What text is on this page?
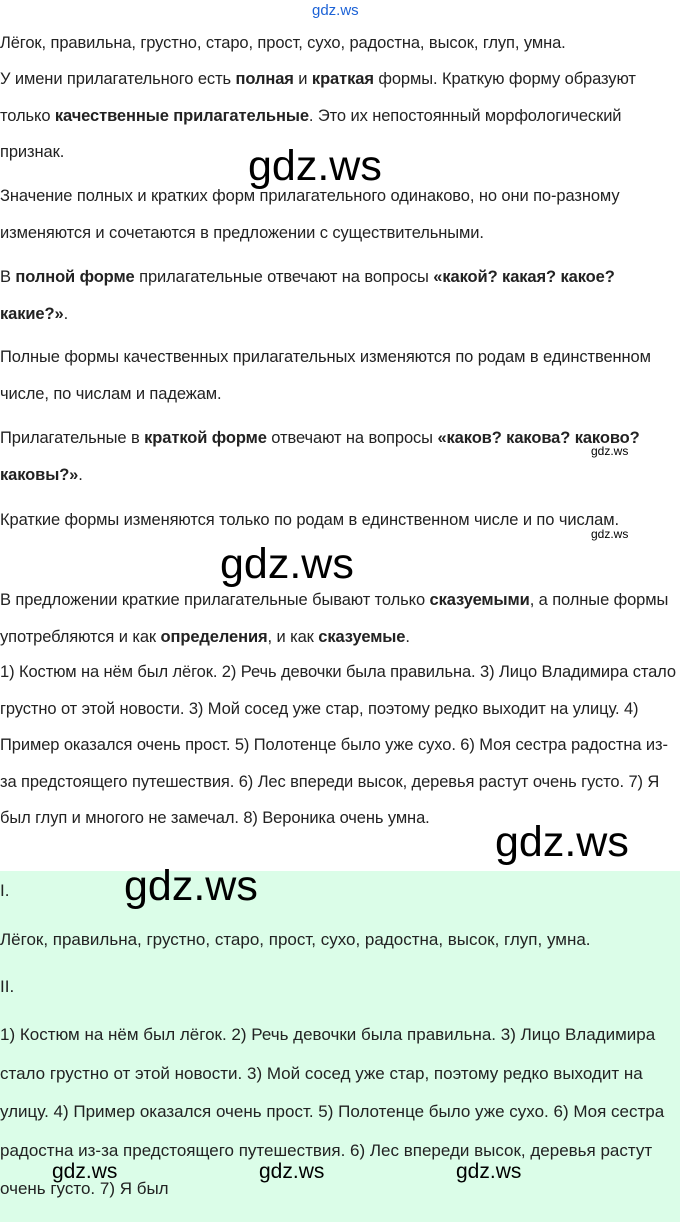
gdz.ws

Лёгок, правильна, грустно, старо, прост, сухо, радостна, высок, глуп, умна.

У имени прилагательного есть полная и краткая формы. Краткую форму образуют только качественные прилагательные. Это их непостоянный морфологический признак.

Значение полных и кратких форм прилагательного одинаково, но они по-разному изменяются и сочетаются в предложении с существительными.

В полной форме прилагательные отвечают на вопросы «какой? какая? какое? какие?».

Полные формы качественных прилагательных изменяются по родам в единственном числе, по числам и падежам.

Прилагательные в краткой форме отвечают на вопросы «каков? какова? каково? каковы?».

Краткие формы изменяются только по родам в единственном числе и по числам.

В предложении краткие прилагательные бывают только сказуемыми, а полные формы употребляются и как определения, и как сказуемые.

1) Костюм на нём был лёгок. 2) Речь девочки была правильна. 3) Лицо Владимира стало грустно от этой новости. 3) Мой сосед уже стар, поэтому редко выходит на улицу. 4) Пример оказался очень прост. 5) Полотенце было уже сухо. 6) Моя сестра радостна из-за предстоящего путешествия. 6) Лес впереди высок, деревья растут очень густо. 7) Я был глуп и многого не замечал. 8) Вероника очень умна.

I.

Лёгок, правильна, грустно, старо, прост, сухо, радостна, высок, глуп, умна.

II.

1) Костюм на нём был лёгок. 2) Речь девочки была правильна. 3) Лицо Владимира стало грустно от этой новости. 3) Мой сосед уже стар, поэтому редко выходит на улицу. 4) Пример оказался очень прост. 5) Полотенце было уже сухо. 6) Моя сестра радостна из-за предстоящего путешествия. 6) Лес впереди высок, деревья растут очень густо. 7) Я был

gdz.ws
gdz.ws
gdz.ws
gdz.ws
gdz.ws
gdz.ws
gdz.ws	gdz.ws	gdz.ws
